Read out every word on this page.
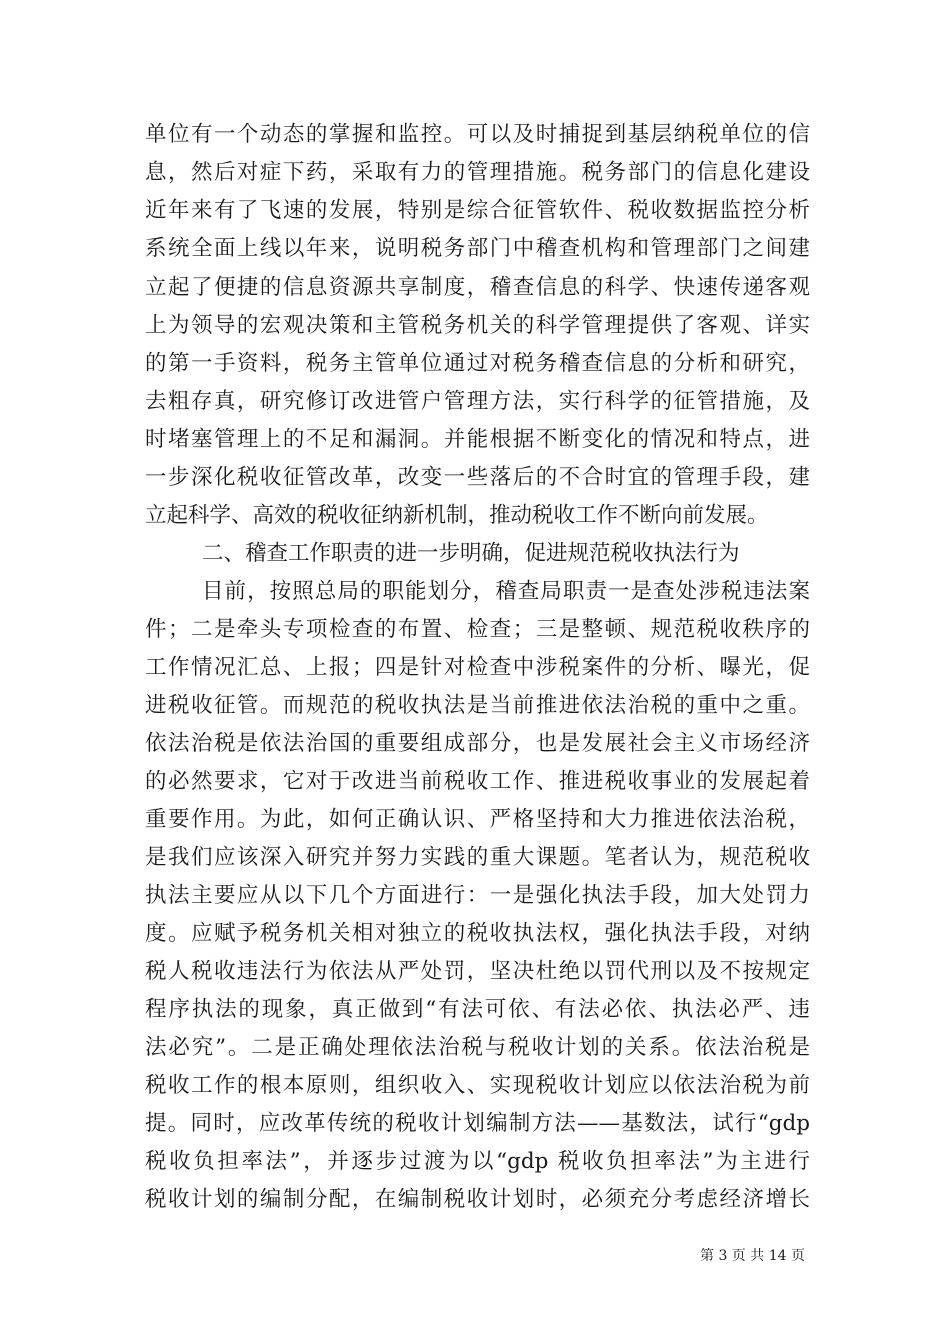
单位有一个动态的掌握和监控。可以及时捕捉到基层纳税单位的信
息，然后对症下药，采取有力的管理措施。税务部门的信息化建设
近年来有了飞速的发展，特别是综合征管软件、税收数据监控分析
系统全面上线以年来，说明税务部门中稽查机构和管理部门之间建
立起了便捷的信息资源共享制度，稽查信息的科学、快速传递客观
上为领导的宏观决策和主管税务机关的科学管理提供了客观、详实
的第一手资料，税务主管单位通过对税务稽查信息的分析和研究，
去粗存真，研究修订改进管户管理方法，实行科学的征管措施，及
时堵塞管理上的不足和漏洞。并能根据不断变化的情况和特点，进
一步深化税收征管改革，改变一些落后的不合时宜的管理手段，建
立起科学、高效的税收征纳新机制，推动税收工作不断向前发展。
二、稽查工作职责的进一步明确，促进规范税收执法行为
目前，按照总局的职能划分，稽查局职责一是查处涉税违法案
件；二是牵头专项检查的布置、检查；三是整顿、规范税收秩序的
工作情况汇总、上报；四是针对检查中涉税案件的分析、曝光，促
进税收征管。而规范的税收执法是当前推进依法治税的重中之重。
依法治税是依法治国的重要组成部分，也是发展社会主义市场经济
的必然要求，它对于改进当前税收工作、推进税收事业的发展起着
重要作用。为此，如何正确认识、严格坚持和大力推进依法治税，
是我们应该深入研究并努力实践的重大课题。笔者认为，规范税收
执法主要应从以下几个方面进行：一是强化执法手段，加大处罚力
度。应赋予税务机关相对独立的税收执法权，强化执法手段，对纳
税人税收违法行为依法从严处罚，坚决杜绝以罚代刑以及不按规定
程序执法的现象，真正做到“有法可依、有法必依、执法必严、违
法必究”。二是正确处理依法治税与税收计划的关系。依法治税是
税收工作的根本原则，组织收入、实现税收计划应以依法治税为前
提。同时，应改革传统的税收计划编制方法——基数法，试行“gdp
税收负担率法”，并逐步过渡为以“gdp 税收负担率法”为主进行
税收计划的编制分配，在编制税收计划时，必须充分考虑经济增长
第 3 页 共 14 页
